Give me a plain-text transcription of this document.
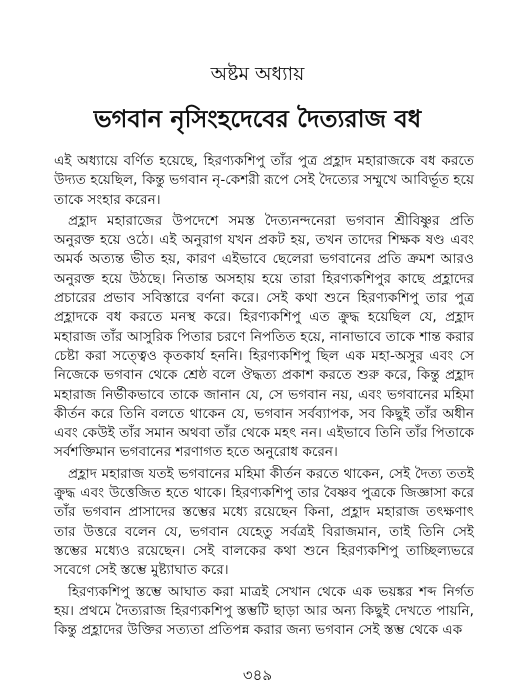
অষ্টম অধ্যায়
ভগবান নৃসিংহদেবের দৈত্যরাজ বধ

এই অধ্যায়ে বর্ণিত হয়েছে, হিরণ্যকশিপু তাঁর পুত্র প্রহ্লাদ মহারাজকে বধ করতে উদ্যত হয়েছিল, কিন্তু ভগবান নৃ-কেশরী রূপে সেই দৈত্যের সম্মুখে আবির্ভূত হয়ে তাকে সংহার করেন।

প্রহ্লাদ মহারাজের উপদেশে সমস্ত দৈত্যনন্দনেরা ভগবান শ্রীবিষ্ণুর প্রতি অনুরক্ত হয়ে ওঠে। এই অনুরাগ যখন প্রকট হয়, তখন তাদের শিক্ষক ষণ্ড এবং অমর্ক অত্যন্ত ভীত হয়, কারণ এইভাবে ছেলেরা ভগবানের প্রতি ক্রমশ আরও অনুরক্ত হয়ে উঠছে। নিতান্ত অসহায় হয়ে তারা হিরণ্যকশিপুর কাছে প্রহ্লাদের প্রচারের প্রভাব সবিস্তারে বর্ণনা করে। সেই কথা শুনে হিরণ্যকশিপু তার পুত্র প্রহ্লাদকে বধ করতে মনস্থ করে। হিরণ্যকশিপু এত ক্রুদ্ধ হয়েছিল যে, প্রহ্লাদ মহারাজ তাঁর আসুরিক পিতার চরণে নিপতিত হয়ে, নানাভাবে তাকে শান্ত করার চেষ্টা করা সত্ত্বেও কৃতকার্য হননি। হিরণ্যকশিপু ছিল এক মহা-অসুর এবং সে নিজেকে ভগবান থেকে শ্রেষ্ঠ বলে ঔদ্ধত্য প্রকাশ করতে শুরু করে, কিন্তু প্রহ্লাদ মহারাজ নির্ভীকভাবে তাকে জানান যে, সে ভগবান নয়, এবং ভগবানের মহিমা কীর্তন করে তিনি বলতে থাকেন যে, ভগবান সর্বব্যাপক, সব কিছুই তাঁর অধীন এবং কেউই তাঁর সমান অথবা তাঁর থেকে মহৎ নন। এইভাবে তিনি তাঁর পিতাকে সর্বশক্তিমান ভগবানের শরণাগত হতে অনুরোধ করেন।

প্রহ্লাদ মহারাজ যতই ভগবানের মহিমা কীর্তন করতে থাকেন, সেই দৈত্য ততই ক্রুদ্ধ এবং উত্তেজিত হতে থাকে। হিরণ্যকশিপু তার বৈষ্ণব পুত্রকে জিজ্ঞাসা করে তাঁর ভগবান প্রাসাদের স্তম্ভের মধ্যে রয়েছেন কিনা, প্রহ্লাদ মহারাজ তৎক্ষণাৎ তার উত্তরে বলেন যে, ভগবান যেহেতু সর্বত্রই বিরাজমান, তাই তিনি সেই স্তম্ভের মধ্যেও রয়েছেন। সেই বালকের কথা শুনে হিরণ্যকশিপু তাচ্ছিল্যভরে সবেগে সেই স্তম্ভে মুষ্ট্যাঘাত করে।

হিরণ্যকশিপু স্তম্ভে আঘাত করা মাত্রই সেখান থেকে এক ভয়ঙ্কর শব্দ নির্গত হয়। প্রথমে দৈত্যরাজ হিরণ্যকশিপু স্তম্ভটি ছাড়া আর অন্য কিছুই দেখতে পায়নি, কিন্তু প্রহ্লাদের উক্তির সত্যতা প্রতিপন্ন করার জন্য ভগবান সেই স্তম্ভ থেকে এক

৩৪৯
